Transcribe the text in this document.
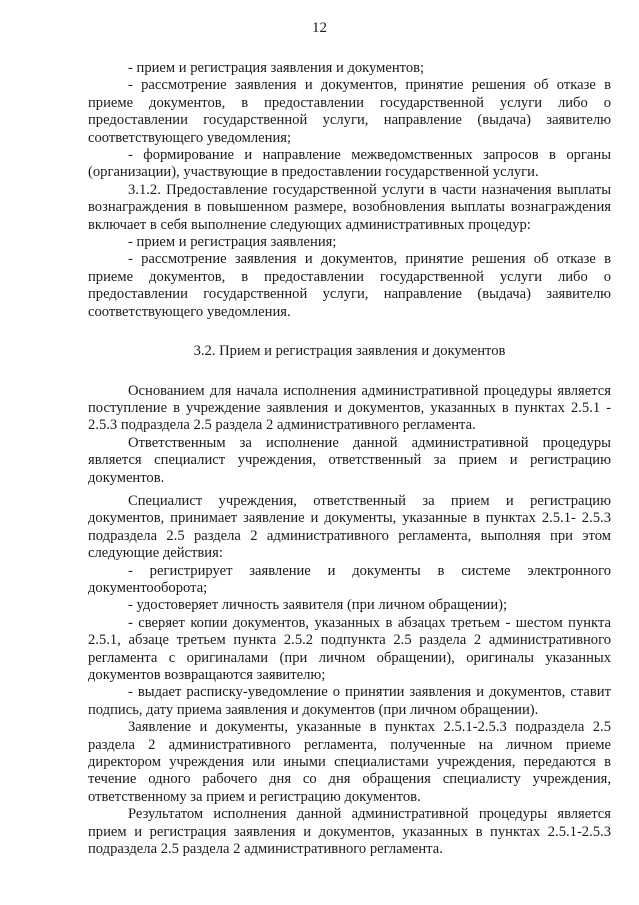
12

- прием и регистрация заявления и документов;

- рассмотрение заявления и документов, принятие решения об отказе в приеме документов, в предоставлении государственной услуги либо о предоставлении государственной услуги, направление (выдача) заявителю соответствующего уведомления;

- формирование и направление межведомственных запросов в органы (организации), участвующие в предоставлении государственной услуги.

3.1.2. Предоставление государственной услуги в части назначения выплаты вознаграждения в повышенном размере, возобновления выплаты вознаграждения включает в себя выполнение следующих административных процедур:

- прием и регистрация заявления;

- рассмотрение заявления и документов, принятие решения об отказе в приеме документов, в предоставлении государственной услуги либо о предоставлении государственной услуги, направление (выдача) заявителю соответствующего уведомления.

3.2. Прием и регистрация заявления и документов

Основанием для начала исполнения административной процедуры является поступление в учреждение заявления и документов, указанных в пунктах 2.5.1 - 2.5.3 подраздела 2.5 раздела 2 административного регламента.

Ответственным за исполнение данной административной процедуры является специалист учреждения, ответственный за прием и регистрацию документов.

Специалист учреждения, ответственный за прием и регистрацию документов, принимает заявление и документы, указанные в пунктах 2.5.1- 2.5.3 подраздела 2.5 раздела 2 административного регламента, выполняя при этом следующие действия:

- регистрирует заявление и документы в системе электронного документооборота;

- удостоверяет личность заявителя (при личном обращении);

- сверяет копии документов, указанных в абзацах третьем - шестом пункта 2.5.1, абзаце третьем пункта 2.5.2 подпункта 2.5 раздела 2 административного регламента с оригиналами (при личном обращении), оригиналы указанных документов возвращаются заявителю;

- выдает расписку-уведомление о принятии заявления и документов, ставит подпись, дату приема заявления и документов (при личном обращении).

Заявление и документы, указанные в пунктах 2.5.1-2.5.3 подраздела 2.5 раздела 2 административного регламента, полученные на личном приеме директором учреждения или иными специалистами учреждения, передаются в течение одного рабочего дня со дня обращения специалисту учреждения, ответственному за прием и регистрацию документов.

Результатом исполнения данной административной процедуры является прием и регистрация заявления и документов, указанных в пунктах 2.5.1-2.5.3 подраздела 2.5 раздела 2 административного регламента.
